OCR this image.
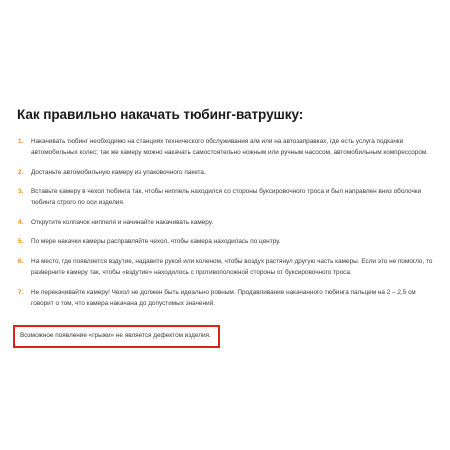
Как правильно накачать тюбинг-ватрушку:
1. Накачивать тюбинг необходимо на станциях технического обслуживания а/м или на автозаправках, где есть услуга подкачки автомобильных колес; так же камеру можно накачать самостоятельно ножным или ручным насосом, автомобильным компрессором.
2. Достаньте автомобильную камеру из упаковочного пакета.
3. Вставьте камеру в чехол тюбинга так, чтобы ниппель находился со стороны буксировочного троса и был направлен вниз оболочки тюбинга строго по оси изделия.
4. Открутите колпачок ниппеля и начинайте накачивать камеру.
5. По мере накачки камеры расправляйте чехол, чтобы камера находилась по центру.
6. На место, где появляется вздутие, надавите рукой или коленом, чтобы воздух растянул другую часть камеры. Если это не помогло, то разверните камеру так, чтобы «вздутие» находилось с противоположной стороны от буксировочного троса.
7. Не перекачивайте камеру! Чехол не должен быть идеально ровным. Продавливание накачанного тюбинга пальцем на 2 – 2,5 см говорит о том, что камера накачана до допустимых значений.
Возможное появление «грыжи» не является дефектом изделия.
